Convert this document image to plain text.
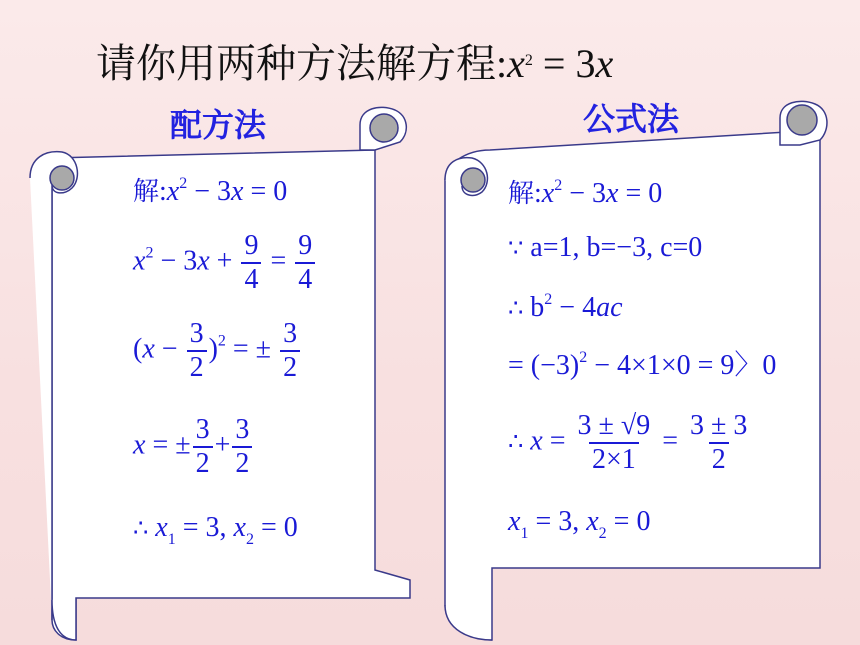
请你用两种方法解方程$:x^2 = 3x$
配方法	公式法
解$:x^2 - 3x = 0$
$x^2 - 3x + \frac{9}{4} = \frac{9}{4}$
$(x - \frac{3}{2} )^2$ = ± $\frac{3}{2}$
x = ± $\frac{3}{2} + \frac{3}{2}$
∴ $x_1 = 3$, $x_2 = 0$
解$:x^2 - 3x = 0$
∵ a=1, b=−3, c=0
∴ $b^2 - 4ac$
= $(-3)^2 - 4\times 1\times 0 = 9$〉0
∴ $x = \frac{3 \pm √9}{2\times 1} = \frac{3 \pm 3}{2}$
$x_1 = 3$, $x_2 = 0$
